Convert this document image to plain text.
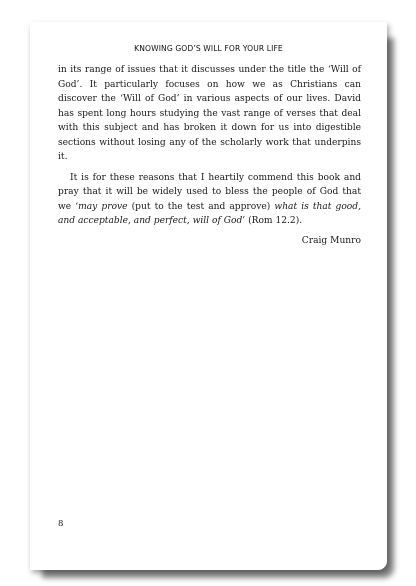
KNOWING GOD’S WILL FOR YOUR LIFE

in its range of issues that it discusses under the title the ‘Will of God’. It particularly focuses on how we as Christians can discover the ‘Will of God’ in various aspects of our lives. David has spent long hours studying the vast range of verses that deal with this subject and has broken it down for us into digestible sections without losing any of the scholarly work that underpins it.

It is for these reasons that I heartily commend this book and pray that it will be widely used to bless the people of God that we ‘may prove (put to the test and approve) what is that good, and acceptable, and perfect, will of God’ (Rom 12.2).

Craig Munro
8
